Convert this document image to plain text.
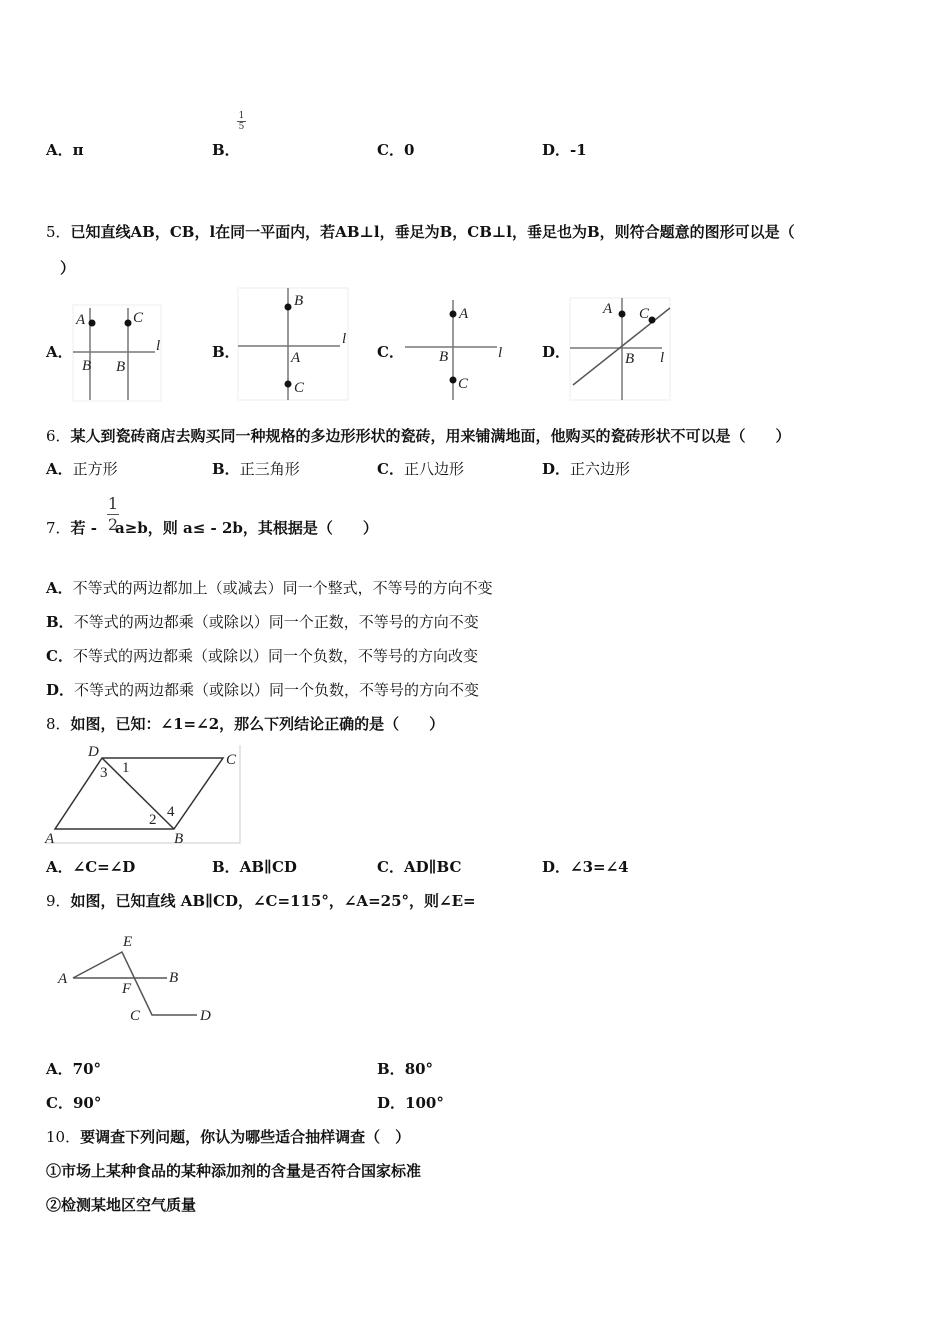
A．π	B．
1
5
C．0	D．-1
5．已知直线AB，CB，l在同一平面内，若AB⊥l，垂足为B，CB⊥l，垂足也为B，则符合题意的图形可以是（
）
A．	B．	C．	D．
A	C
B B
l
B
A
C
l
A
B
C
l
A C
B l
D	C
A	B
3 1
2 4
E
A	B
F
C	D
6．某人到瓷砖商店去购买同一种规格的多边形形状的瓷砖，用来铺满地面，他购买的瓷砖形状不可以是（　　）
A．正方形	B．正三角形	C．正八边形	D．正六边形
7．若 - a≥b，则 a≤ - 2b，其根据是（　　）
1
2
A．不等式的两边都加上（或减去）同一个整式，不等号的方向不变
B．不等式的两边都乘（或除以）同一个正数，不等号的方向不变
C．不等式的两边都乘（或除以）同一个负数，不等号的方向改变
D．不等式的两边都乘（或除以）同一个负数，不等号的方向不变
8．如图，已知：∠1=∠2，那么下列结论正确的是（　　）
A．∠C=∠D	B．AB∥CD	C．AD∥BC	D．∠3=∠4
9．如图，已知直线 AB∥CD，∠C=115°，∠A=25°，则∠E=
A．70°	B．80°
C．90°	D．100°
10．要调查下列问题，你认为哪些适合抽样调查（　）
①市场上某种食品的某种添加剂的含量是否符合国家标准
②检测某地区空气质量
